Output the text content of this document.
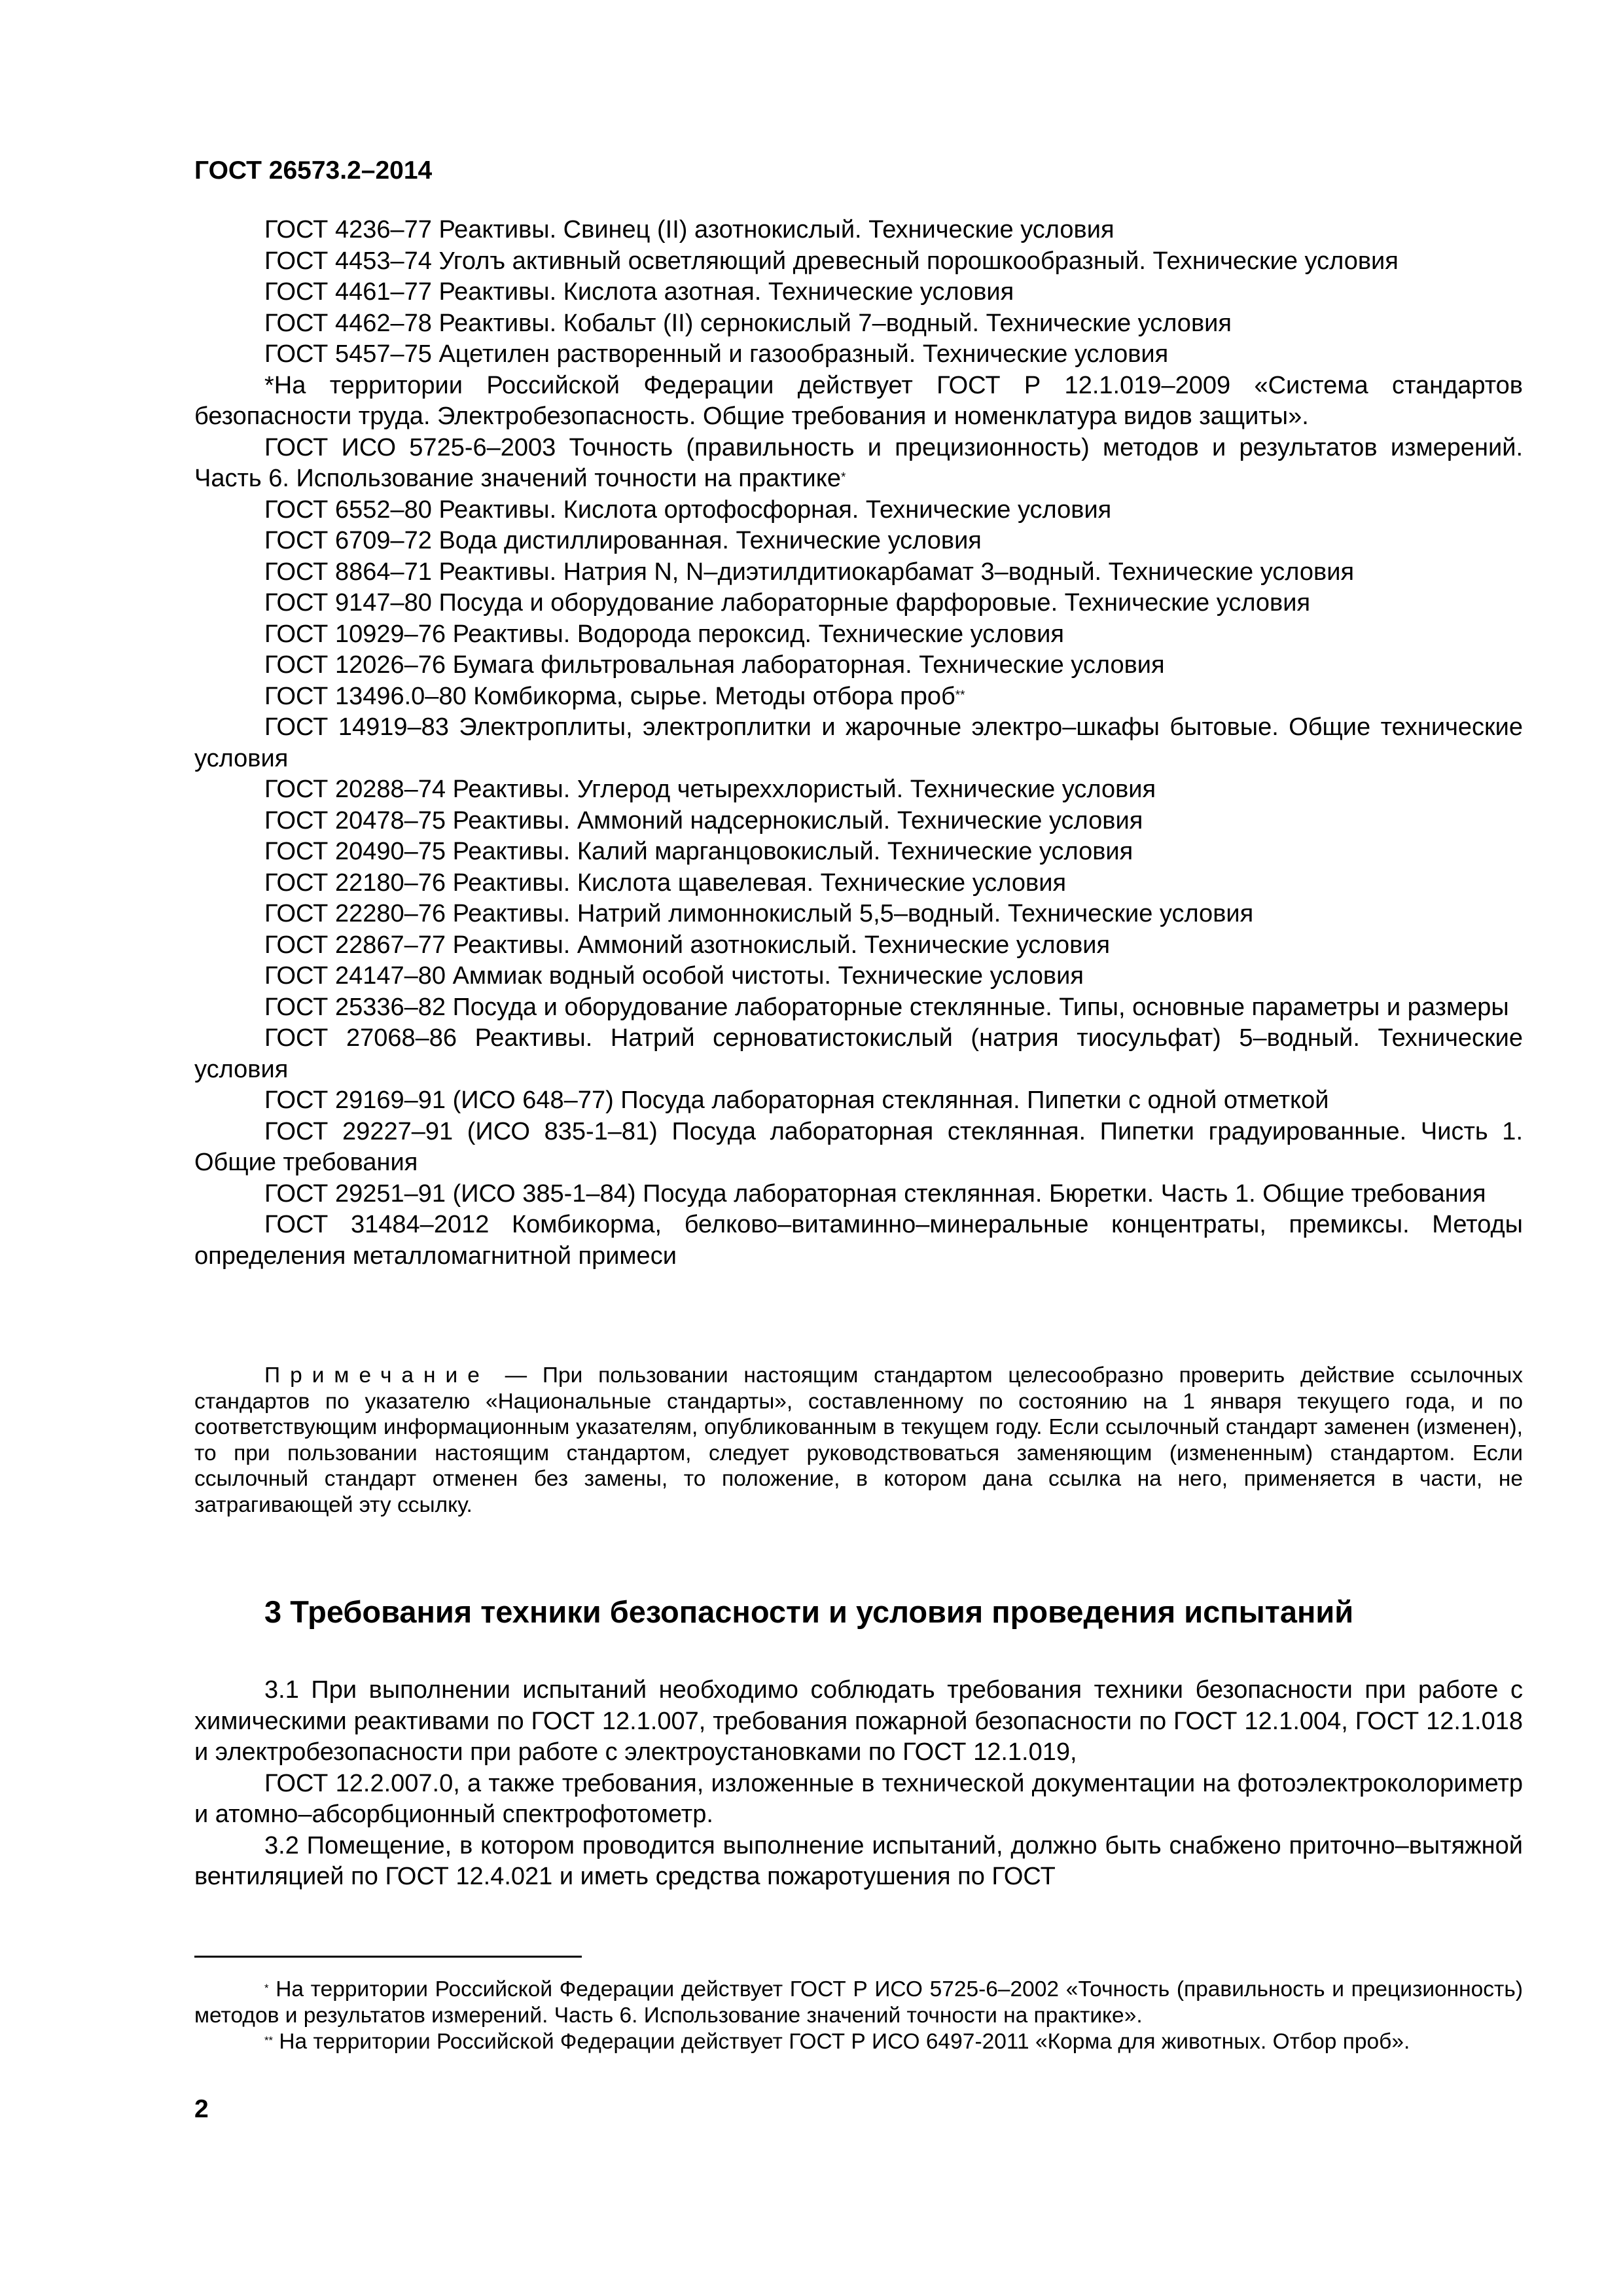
ГОСТ 26573.2–2014

ГОСТ 4236–77 Реактивы. Свинец (II) азотнокислый. Технические условия

ГОСТ 4453–74 Уголъ активный осветляющий древесный порошкообразный. Технические условия

ГОСТ 4461–77 Реактивы. Кислота азотная. Технические условия

ГОСТ 4462–78 Реактивы. Кобальт (II) сернокислый 7–водный. Технические условия

ГОСТ 5457–75 Ацетилен растворенный и газообразный. Технические условия

*На территории Российской Федерации действует ГОСТ Р 12.1.019–2009 «Система стандартов безопасности труда. Электробезопасность. Общие требования и номенклатура видов защиты».

ГОСТ ИСО 5725-6–2003 Точность (правильность и прецизионность) методов и результатов измерений. Часть 6. Использование значений точности на практике*

ГОСТ 6552–80 Реактивы. Кислота ортофосфорная. Технические условия

ГОСТ 6709–72 Вода дистиллированная. Технические условия

ГОСТ 8864–71 Реактивы. Натрия N, N–диэтилдитиокарбамат 3–водный. Технические условия

ГОСТ 9147–80 Посуда и оборудование лабораторные фарфоровые. Технические условия

ГОСТ 10929–76 Реактивы. Водорода пероксид. Технические условия

ГОСТ 12026–76 Бумага фильтровальная лабораторная. Технические условия

ГОСТ 13496.0–80 Комбикорма, сырье. Методы отбора проб**

ГОСТ 14919–83 Электроплиты, электроплитки и жарочные электро–шкафы бытовые. Общие технические условия

ГОСТ 20288–74 Реактивы. Углерод четыреххлористый. Технические условия

ГОСТ 20478–75 Реактивы. Аммоний надсернокислый. Технические условия

ГОСТ 20490–75 Реактивы. Калий марганцовокислый. Технические условия

ГОСТ 22180–76 Реактивы. Кислота щавелевая. Технические условия

ГОСТ 22280–76 Реактивы. Натрий лимоннокислый 5,5–водный. Технические условия

ГОСТ 22867–77 Реактивы. Аммоний азотнокислый. Технические условия

ГОСТ 24147–80 Аммиак водный особой чистоты. Технические условия

ГОСТ 25336–82 Посуда и оборудование лабораторные стеклянные. Типы, основные параметры и размеры

ГОСТ 27068–86 Реактивы. Натрий серноватистокислый (натрия тиосульфат) 5–водный. Технические условия

ГОСТ 29169–91 (ИСО 648–77) Посуда лабораторная стеклянная. Пипетки с одной отметкой

ГОСТ 29227–91 (ИСО 835-1–81) Посуда лабораторная стеклянная. Пипетки градуированные. Чисть 1. Общие требования

ГОСТ 29251–91 (ИСО 385-1–84) Посуда лабораторная стеклянная. Бюретки. Часть 1. Общие требования

ГОСТ 31484–2012 Комбикорма, белково–витаминно–минеральные концентраты, премиксы. Методы определения металломагнитной примеси

Примечание — При пользовании настоящим стандартом целесообразно проверить действие ссылочных стандартов по указателю «Национальные стандарты», составленному по состоянию на 1 января текущего года, и по соответствующим информационным указателям, опубликованным в текущем году. Если ссылочный стандарт заменен (изменен), то при пользовании настоящим стандартом, следует руководствоваться заменяющим (измененным) стандартом. Если ссылочный стандарт отменен без замены, то положение, в котором дана ссылка на него, применяется в части, не затрагивающей эту ссылку.

3 Требования техники безопасности и условия проведения испытаний

3.1 При выполнении испытаний необходимо соблюдать требования техники безопасности при работе с химическими реактивами по ГОСТ 12.1.007, требования пожарной безопасности по ГОСТ 12.1.004, ГОСТ 12.1.018 и электробезопасности при работе с электроустановками по ГОСТ 12.1.019,

ГОСТ 12.2.007.0, а также требования, изложенные в технической документации на фотоэлектроколориметр и атомно–абсорбционный спектрофотометр.

3.2 Помещение, в котором проводится выполнение испытаний, должно быть снабжено приточно–вытяжной вентиляцией по ГОСТ 12.4.021 и иметь средства пожаротушения по ГОСТ

* На территории Российской Федерации действует ГОСТ Р ИСО 5725-6–2002 «Точность (правильность и прецизионность) методов и результатов измерений. Часть 6. Использование значений точности на практике».

** На территории Российской Федерации действует ГОСТ Р ИСО 6497-2011 «Корма для животных. Отбор проб».

2
